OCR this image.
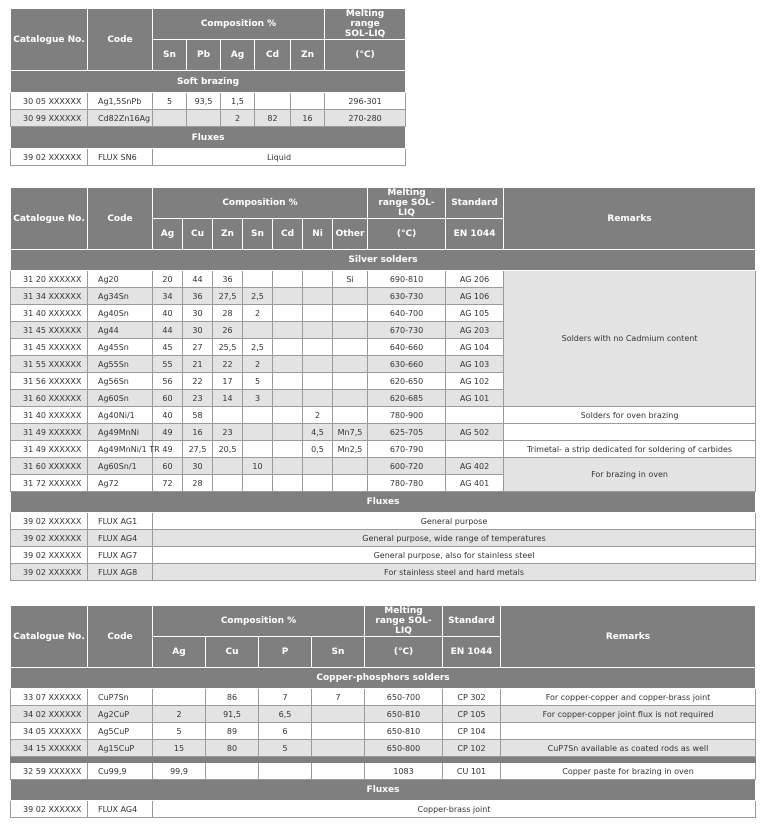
Catalogue No.	Code	Composition %					Melting range SOL-LIQ
		Sn	Pb	Ag	Cd	Zn	(°C)
Soft brazing							
30 05 XXXXXX	Ag1,5SnPb	5	93,5	1,5			296-301
30 99 XXXXXX	Cd82Zn16Ag			2	82	16	270-280
Fluxes							
39 02 XXXXXX	FLUX SN6	Liquid					
Catalogue No.	Code	Composition %							Melting range SOL-LIQ	Standard	Remarks
		Ag	Cu	Zn	Sn	Cd	Ni	Other	(°C)	EN 1044	
Silver solders											
31 20 XXXXXX	Ag20	20	44	36				Si	690-810	AG 206	Solders with no Cadmium content
31 34 XXXXXX	Ag34Sn	34	36	27,5	2,5				630-730	AG 106	
31 40 XXXXXX	Ag40Sn	40	30	28	2				640-700	AG 105	
31 45 XXXXXX	Ag44	44	30	26					670-730	AG 203	
31 45 XXXXXX	Ag45Sn	45	27	25,5	2,5				640-660	AG 104	
31 55 XXXXXX	Ag55Sn	55	21	22	2				630-660	AG 103	
31 56 XXXXXX	Ag56Sn	56	22	17	5				620-650	AG 102	
31 60 XXXXXX	Ag60Sn	60	23	14	3				620-685	AG 101	
31 40 XXXXXX	Ag40Ni/1	40	58				2		780-900		Solders for oven brazing
31 49 XXXXXX	Ag49MnNi	49	16	23			4,5	Mn7,5	625-705	AG 502	
31 49 XXXXXX	Ag49MnNi/1 TR	49	27,5	20,5			0,5	Mn2,5	670-790		Trimetal- a strip dedicated for soldering of carbides
31 60 XXXXXX	Ag60Sn/1	60	30		10				600-720	AG 402	For brazing in oven
31 72 XXXXXX	Ag72	72	28						780-780	AG 401	
Fluxes											
39 02 XXXXXX	FLUX AG1	General purpose									
39 02 XXXXXX	FLUX AG4	General purpose, wide range of temperatures									
39 02 XXXXXX	FLUX AG7	General purpose, also for stainless steel									
39 02 XXXXXX	FLUX AG8	For stainless steel and hard metals									
Catalogue No.	Code	Composition %				Melting range SOL-LIQ	Standard	Remarks
		Ag	Cu	P	Sn	(°C)	EN 1044	
Copper-phosphors solders								
33 07 XXXXXX	CuP7Sn		86	7	7	650-700	CP 302	For copper-copper and copper-brass joint
34 02 XXXXXX	Ag2CuP	2	91,5	6,5		650-810	CP 105	For copper-copper joint flux is not required
34 05 XXXXXX	Ag5CuP	5	89	6		650-810	CP 104	
34 15 XXXXXX	Ag15CuP	15	80	5		650-800	CP 102	CuP7Sn available as coated rods as well

32 59 XXXXXX	Cu99,9	99,9				1083	CU 101	Copper paste for brazing in oven
Fluxes								
39 02 XXXXXX	FLUX AG4	Copper-brass joint						
